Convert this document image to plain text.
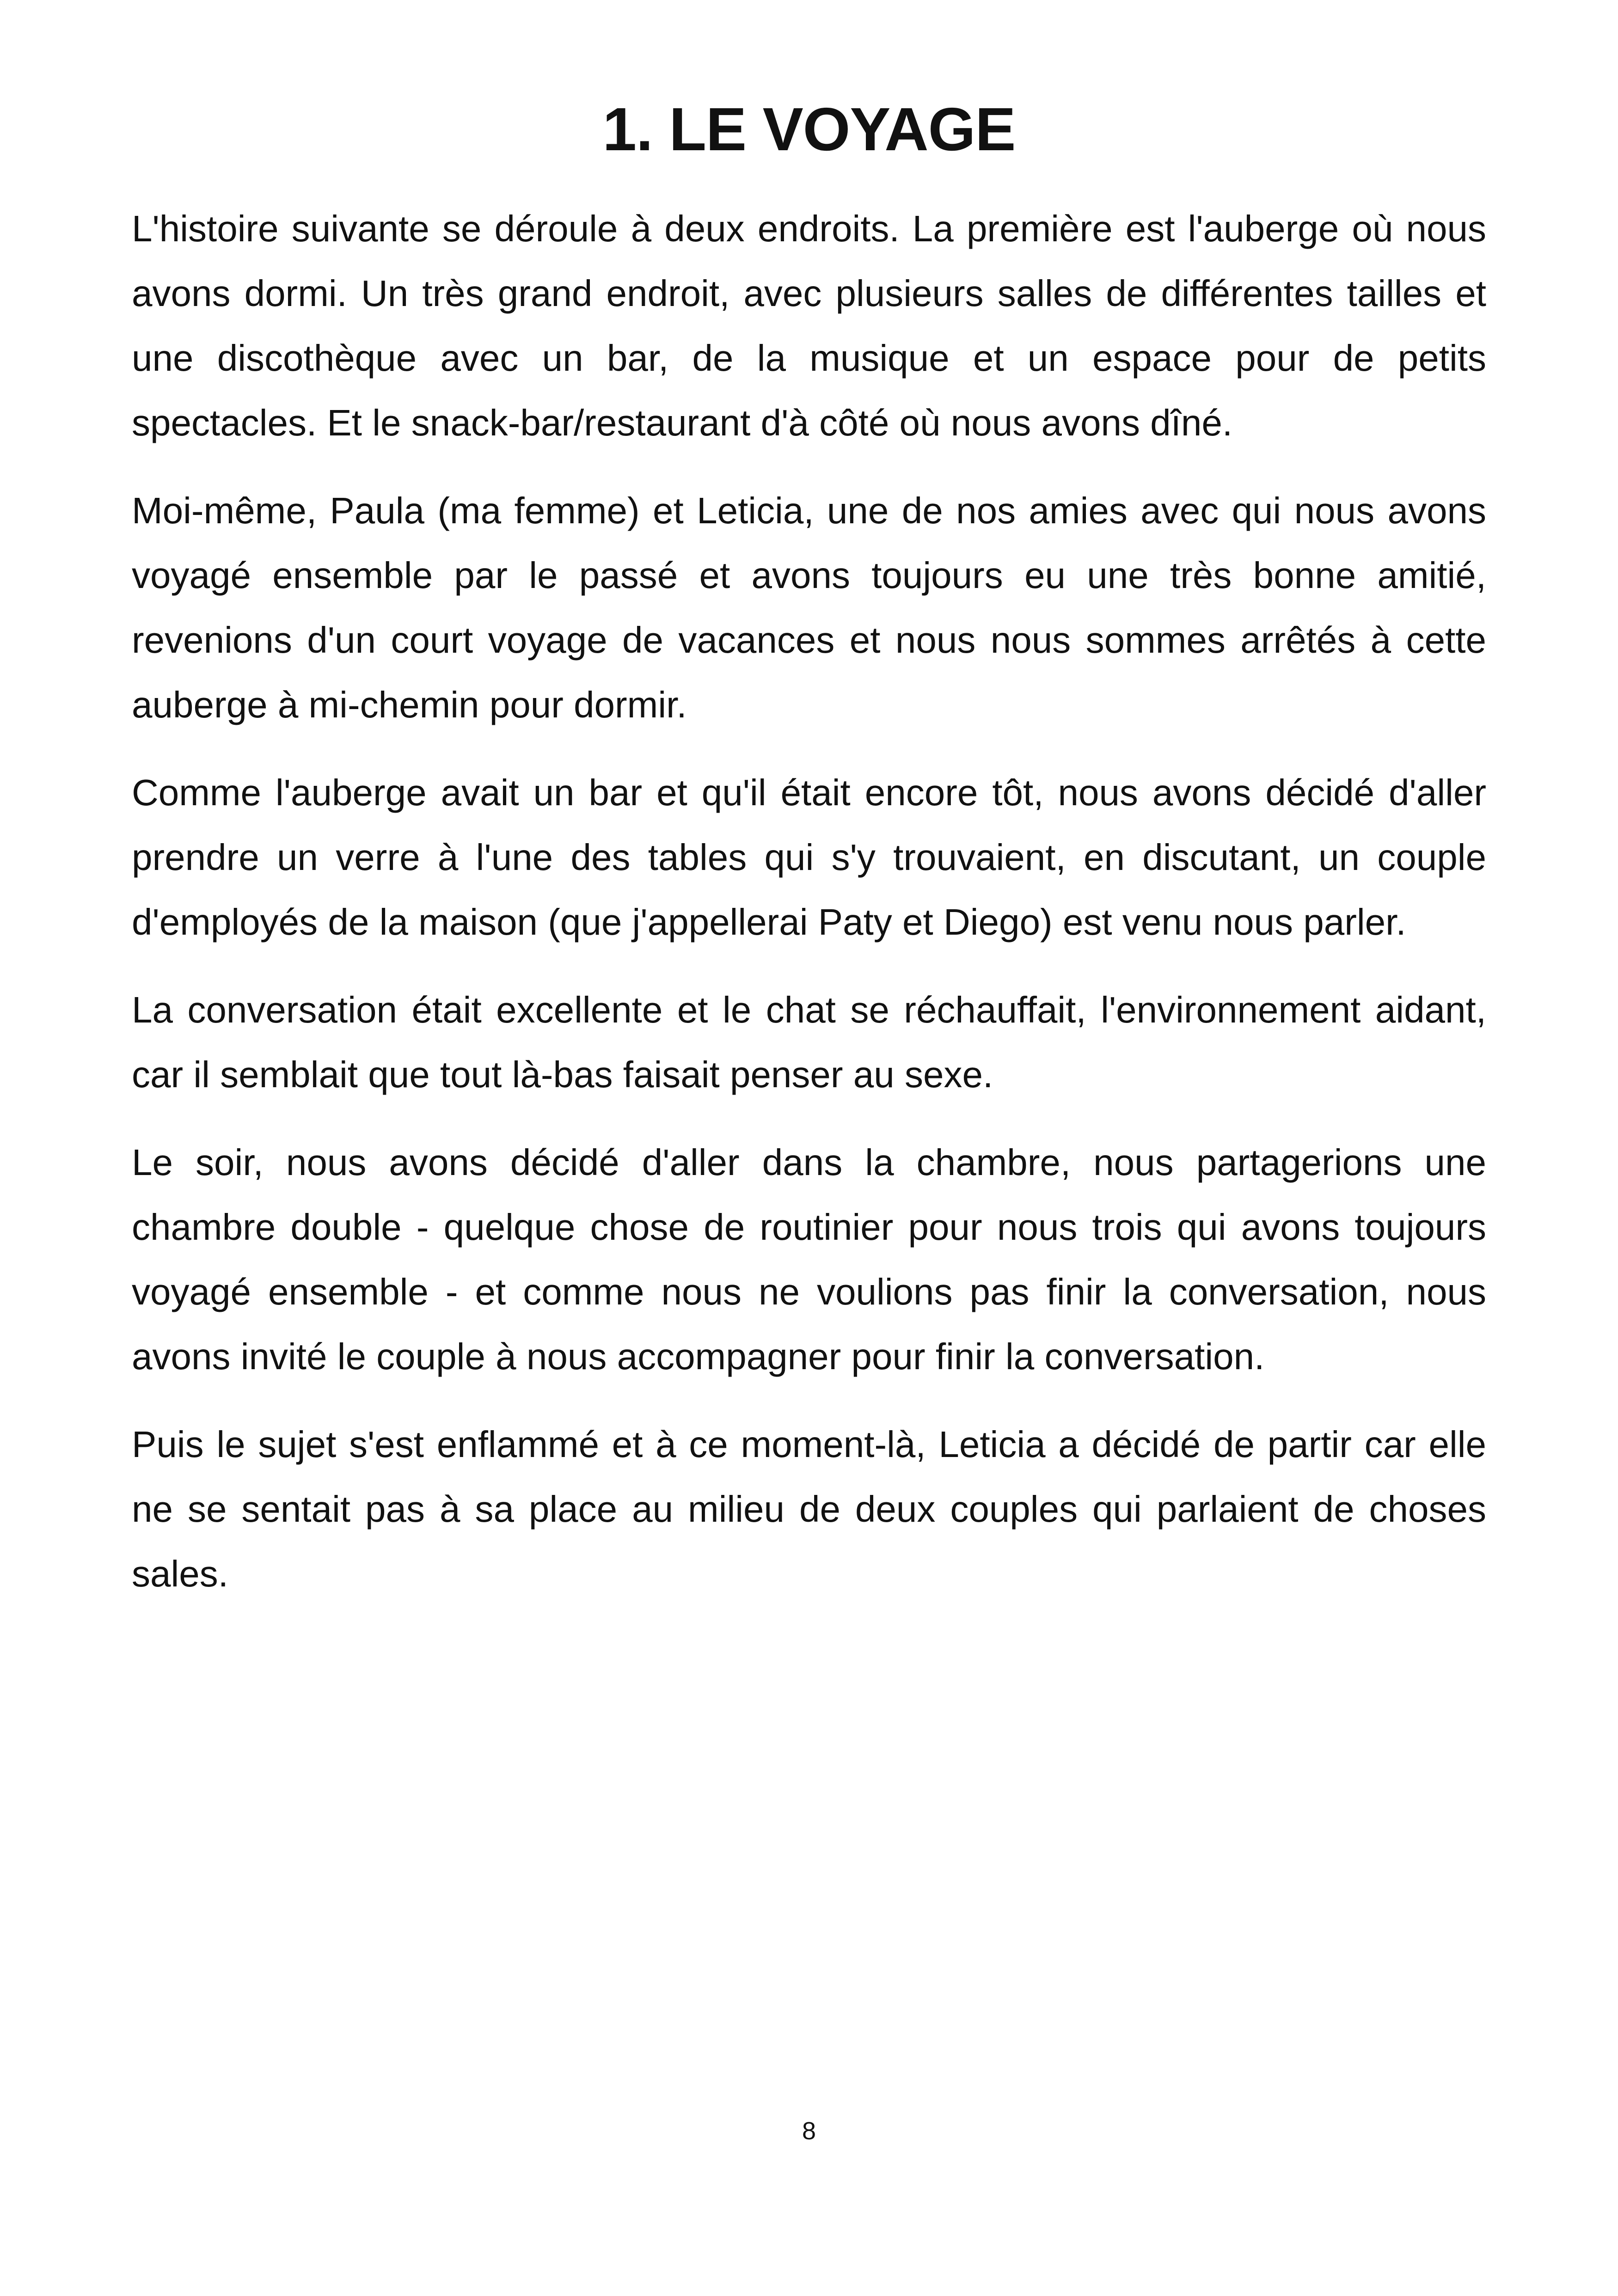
1. LE VOYAGE

L'histoire suivante se déroule à deux endroits. La première est l'auberge où nous avons dormi. Un très grand endroit, avec plusieurs salles de différentes tailles et une discothèque avec un bar, de la musique et un espace pour de petits spectacles. Et le snack-bar/restaurant d'à côté où nous avons dîné.

Moi-même, Paula (ma femme) et Leticia, une de nos amies avec qui nous avons voyagé ensemble par le passé et avons toujours eu une très bonne amitié, revenions d'un court voyage de vacances et nous nous sommes arrêtés à cette auberge à mi-chemin pour dormir.

Comme l'auberge avait un bar et qu'il était encore tôt, nous avons décidé d'aller prendre un verre à l'une des tables qui s'y trouvaient, en discutant, un couple d'employés de la maison (que j'appellerai Paty et Diego) est venu nous parler.

La conversation était excellente et le chat se réchauffait, l'environnement aidant, car il semblait que tout là-bas faisait penser au sexe.

Le soir, nous avons décidé d'aller dans la chambre, nous partagerions une chambre double - quelque chose de routinier pour nous trois qui avons toujours voyagé ensemble - et comme nous ne voulions pas finir la conversation, nous avons invité le couple à nous accompagner pour finir la conversation.

Puis le sujet s'est enflammé et à ce moment-là, Leticia a décidé de partir car elle ne se sentait pas à sa place au milieu de deux couples qui parlaient de choses sales.

8
